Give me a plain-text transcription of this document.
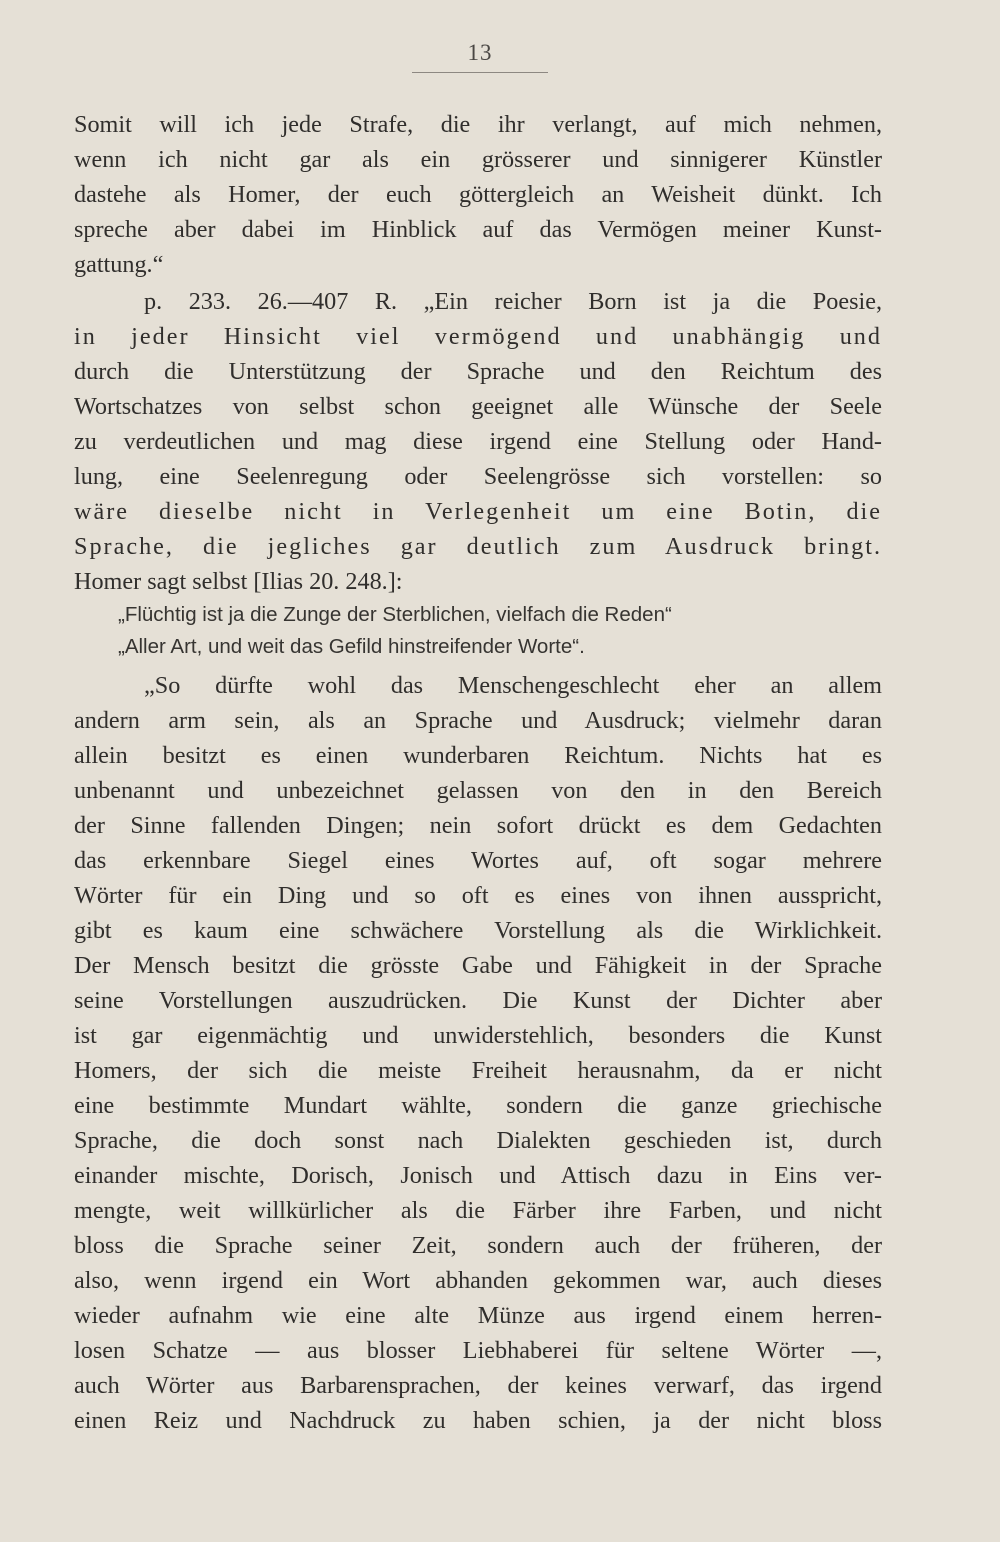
13
Somit will ich jede Strafe, die ihr verlangt, auf mich nehmen,
wenn ich nicht gar als ein grösserer und sinnigerer Künstler
dastehe als Homer, der euch göttergleich an Weisheit dünkt. Ich
spreche aber dabei im Hinblick auf das Vermögen meiner Kunst-
gattung.“
p. 233. 26.—407 R. „Ein reicher Born ist ja die Poesie,
in jeder Hinsicht viel vermögend und unabhängig und
durch die Unterstützung der Sprache und den Reichtum des
Wortschatzes von selbst schon geeignet alle Wünsche der Seele
zu verdeutlichen und mag diese irgend eine Stellung oder Hand-
lung, eine Seelenregung oder Seelengrösse sich vorstellen: so
wäre dieselbe nicht in Verlegenheit um eine Botin, die
Sprache, die jegliches gar deutlich zum Ausdruck bringt.
Homer sagt selbst [Ilias 20. 248.]:
„Flüchtig ist ja die Zunge der Sterblichen, vielfach die Reden“
„Aller Art, und weit das Gefild hinstreifender Worte“.
„So dürfte wohl das Menschengeschlecht eher an allem
andern arm sein, als an Sprache und Ausdruck; vielmehr daran
allein besitzt es einen wunderbaren Reichtum. Nichts hat es
unbenannt und unbezeichnet gelassen von den in den Bereich
der Sinne fallenden Dingen; nein sofort drückt es dem Gedachten
das erkennbare Siegel eines Wortes auf, oft sogar mehrere
Wörter für ein Ding und so oft es eines von ihnen ausspricht,
gibt es kaum eine schwächere Vorstellung als die Wirklichkeit.
Der Mensch besitzt die grösste Gabe und Fähigkeit in der Sprache
seine Vorstellungen auszudrücken. Die Kunst der Dichter aber
ist gar eigenmächtig und unwiderstehlich, besonders die Kunst
Homers, der sich die meiste Freiheit herausnahm, da er nicht
eine bestimmte Mundart wählte, sondern die ganze griechische
Sprache, die doch sonst nach Dialekten geschieden ist, durch
einander mischte, Dorisch, Jonisch und Attisch dazu in Eins ver-
mengte, weit willkürlicher als die Färber ihre Farben, und nicht
bloss die Sprache seiner Zeit, sondern auch der früheren, der
also, wenn irgend ein Wort abhanden gekommen war, auch dieses
wieder aufnahm wie eine alte Münze aus irgend einem herren-
losen Schatze — aus blosser Liebhaberei für seltene Wörter —,
auch Wörter aus Barbarensprachen, der keines verwarf, das irgend
einen Reiz und Nachdruck zu haben schien, ja der nicht bloss
